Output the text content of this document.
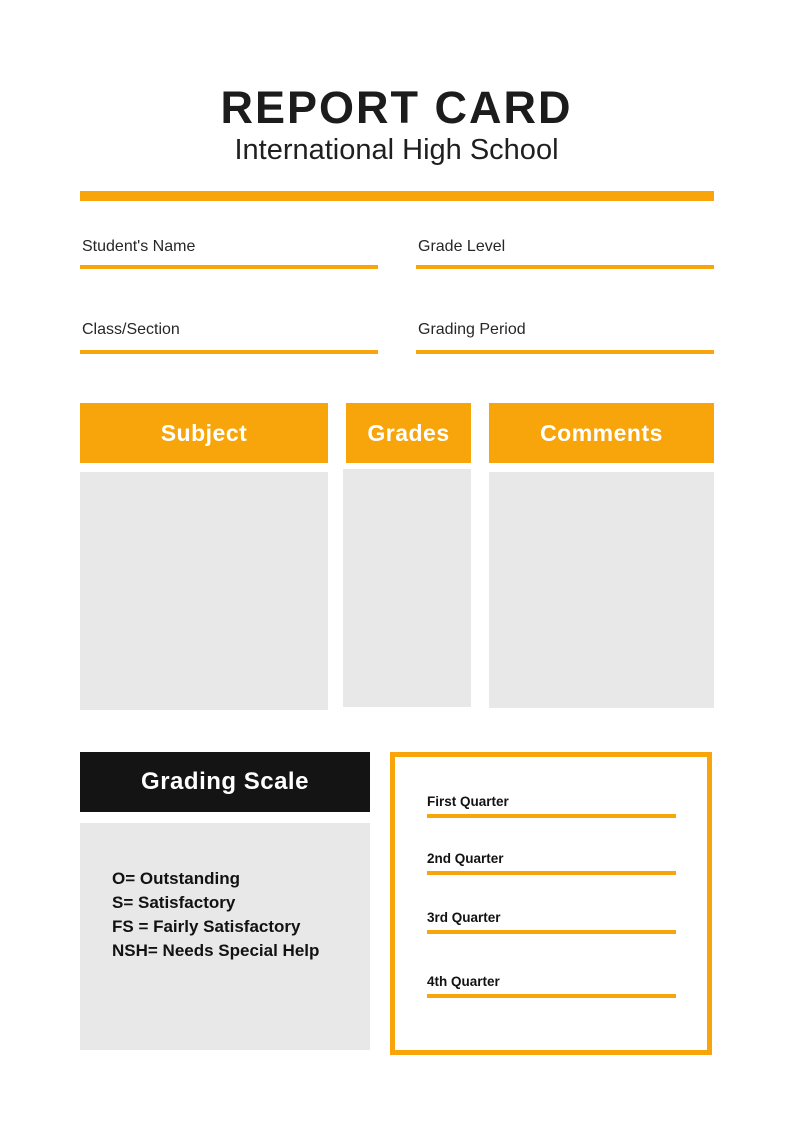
REPORT CARD
International High School
Student's Name	Grade Level
Class/Section	Grading Period
Subject	Grades	Comments
Grading Scale
O= Outstanding
S= Satisfactory
FS = Fairly Satisfactory
NSH= Needs Special Help
First Quarter
2nd Quarter
3rd Quarter
4th Quarter
